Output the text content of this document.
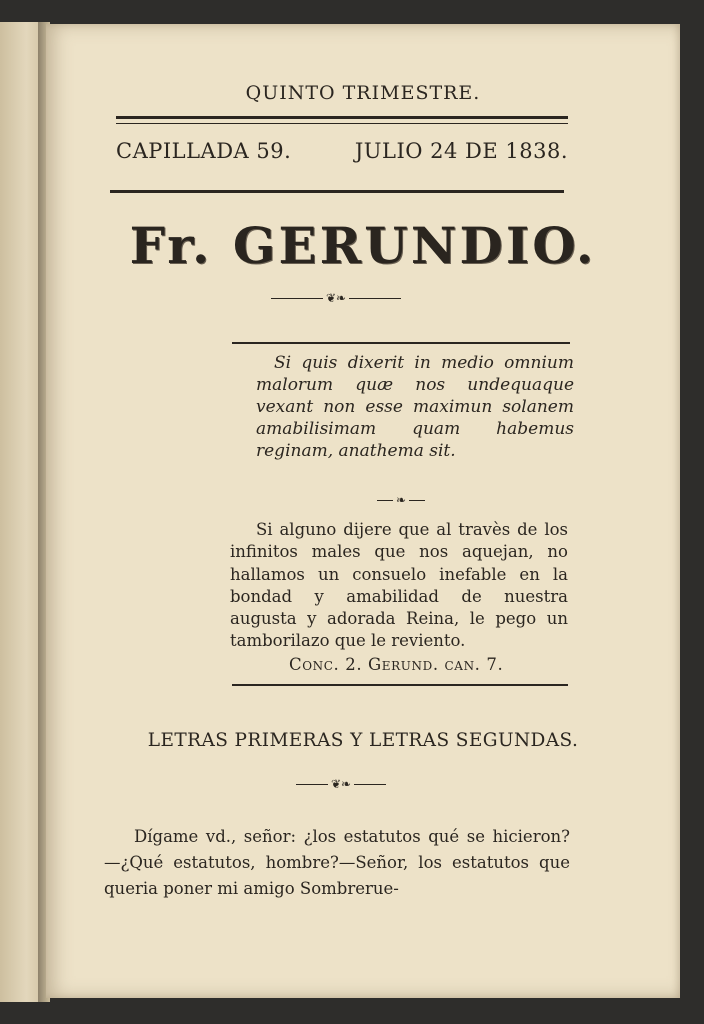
QUINTO TRIMESTRE.
CAPILLADA 59.	JULIO 24 DE 1838.
Fr. GERUNDIO.
❦❧

Si quis dixerit in medio omnium malorum quæ nos undequaque vexant non esse maximun solanem amabilisimam quam habemus reginam, anathema sit.

❧

Si alguno dijere que al travès de los infinitos males que nos aquejan, no hallamos un consuelo inefable en la bondad y amabilidad de nuestra augusta y adorada Reina, le pego un tamborilazo que le reviento.

Conc. 2. Gerund. can. 7.
LETRAS PRIMERAS Y LETRAS SEGUNDAS.
❦❧

Dígame vd., señor: ¿los estatutos qué se hicieron?—¿Qué estatutos, hombre?—Señor, los estatutos que queria poner mi amigo Sombrerue-
